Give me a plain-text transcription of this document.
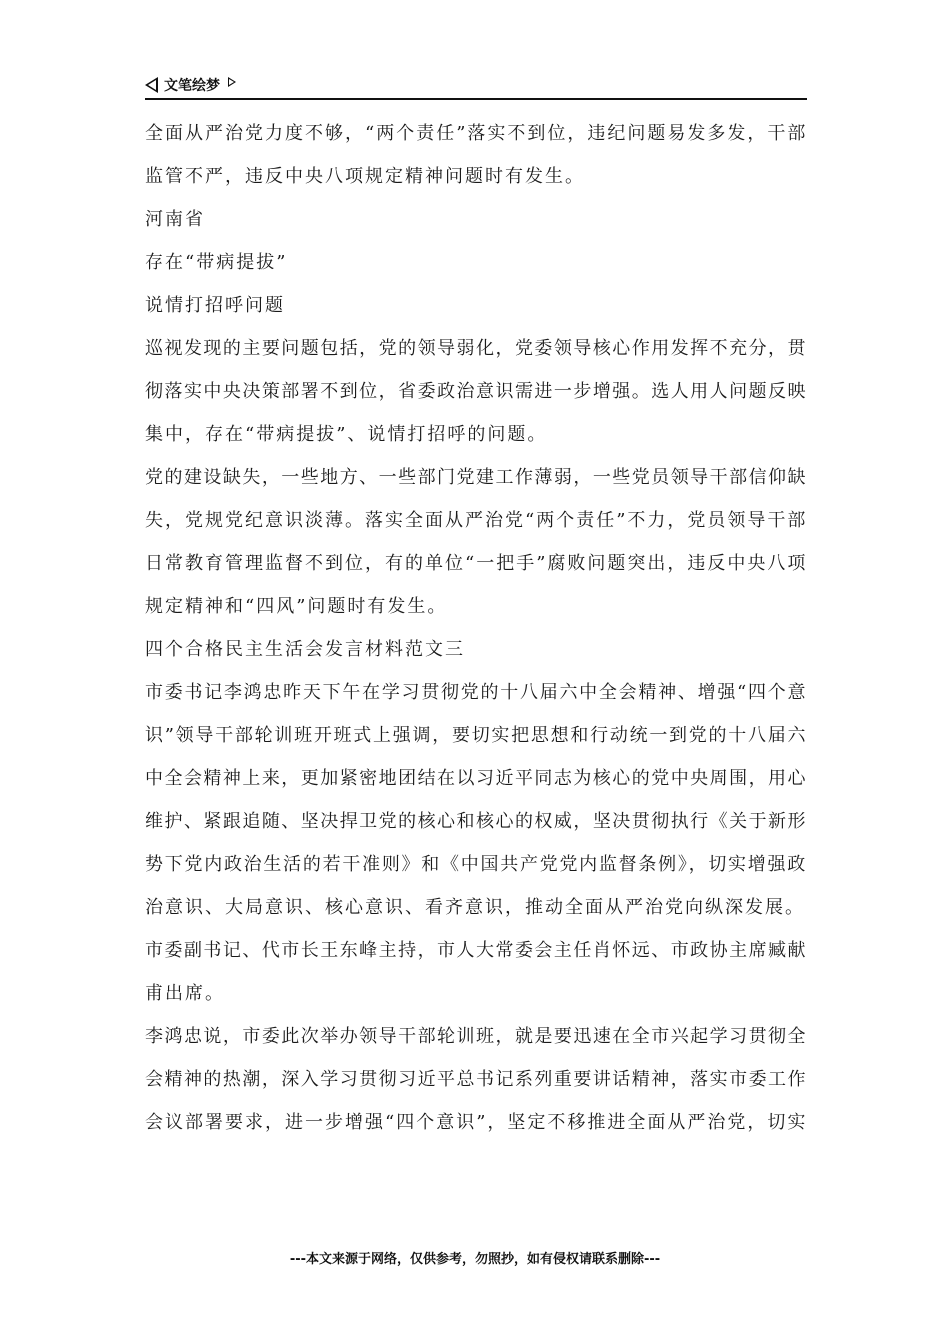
文笔绘梦

全面从严治党力度不够，“两个责任”落实不到位，违纪问题易发多发，干部
监管不严，违反中央八项规定精神问题时有发生。

河南省

存在“带病提拔”

说情打招呼问题

巡视发现的主要问题包括，党的领导弱化，党委领导核心作用发挥不充分，贯
彻落实中央决策部署不到位，省委政治意识需进一步增强。选人用人问题反映
集中，存在“带病提拔”、说情打招呼的问题。

党的建设缺失，一些地方、一些部门党建工作薄弱，一些党员领导干部信仰缺
失，党规党纪意识淡薄。落实全面从严治党“两个责任”不力，党员领导干部
日常教育管理监督不到位，有的单位“一把手”腐败问题突出，违反中央八项
规定精神和“四风”问题时有发生。

四个合格民主生活会发言材料范文三

市委书记李鸿忠昨天下午在学习贯彻党的十八届六中全会精神、增强“四个意
识”领导干部轮训班开班式上强调，要切实把思想和行动统一到党的十八届六
中全会精神上来，更加紧密地团结在以习近平同志为核心的党中央周围，用心
维护、紧跟追随、坚决捍卫党的核心和核心的权威，坚决贯彻执行《关于新形
势下党内政治生活的若干准则》和《中国共产党党内监督条例》，切实增强政
治意识、大局意识、核心意识、看齐意识，推动全面从严治党向纵深发展。

市委副书记、代市长王东峰主持，市人大常委会主任肖怀远、市政协主席臧献
甫出席。

李鸿忠说，市委此次举办领导干部轮训班，就是要迅速在全市兴起学习贯彻全
会精神的热潮，深入学习贯彻习近平总书记系列重要讲话精神，落实市委工作
会议部署要求，进一步增强“四个意识”，坚定不移推进全面从严治党，切实

---本文来源于网络，仅供参考，勿照抄，如有侵权请联系删除---
